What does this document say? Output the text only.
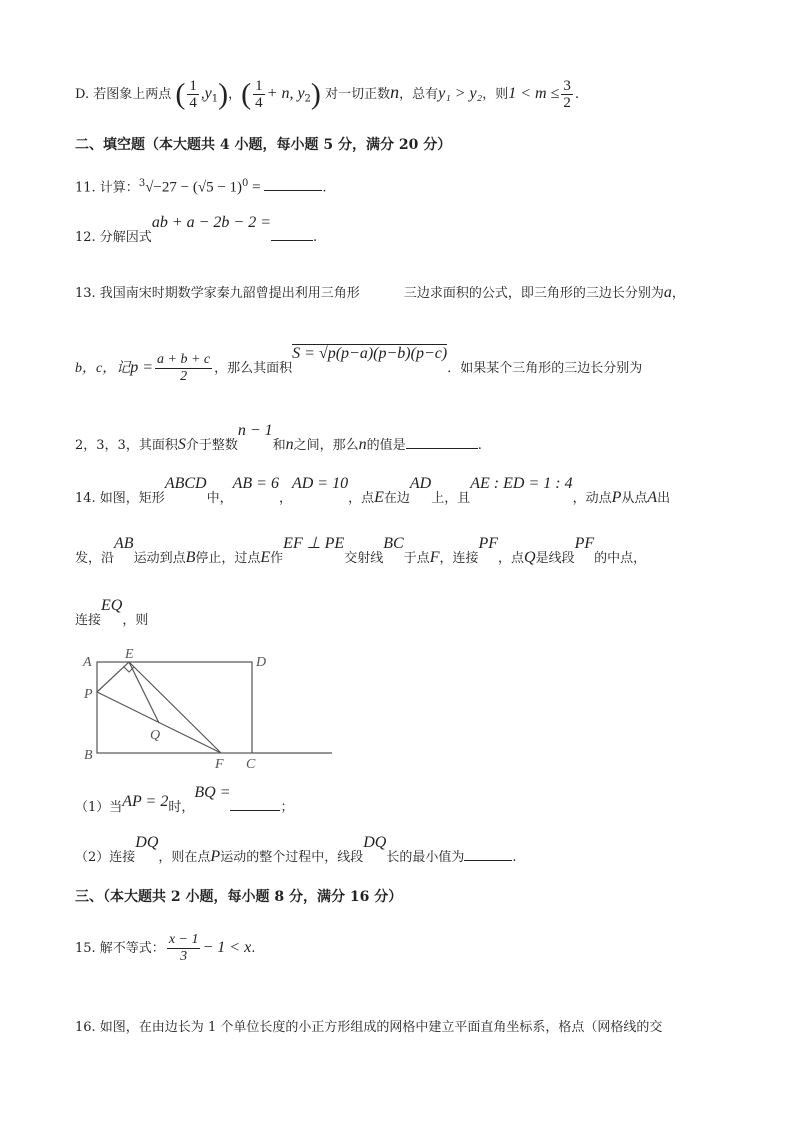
D. 若图象上两点 ( $\frac{1}{4} ,y_1$)，( $\frac{1}{4} + n$, $y_2$) 对一切正数n，总有y₁ > y₂，则$1 < m \le \frac{3}{2}$ .
二、填空题（本大题共 4 小题，每小题 5 分，满分 20 分）
11. 计算：$^3√-27 - (√5 - 1)^0$ =	.
12. 分解因式ab + a − 2b − 2 =.
13. 我国南宋时期数学家秦九韶曾提出利用三角形	三边求面积的公式，即三角形的三边长分别为a，
b，c，记$p = \frac{a + b + c}{2}$ ，那么其面积S = √p(p−a)(p−b)(p−c)．如果某个三角形的三边长分别为
2，3，3，其面积S介于整数n − 1和n之间，那么n的值是	.
14. 如图，矩形ABCD中，AB = 6，AD = 10，点E在边AD上，且AE : ED = 1 : 4，动点P从点A出
发，沿AB运动到点B停止，过点E作EF ⊥ PE交射线BC于点F，连接PF，点Q是线段PF的中点，
连接EQ，则
A	D
E
P
Q
B
F C
（1）当AP = 2时，BQ =；
（2）连接DQ，则在点P运动的整个过程中，线段DQ长的最小值为	.
三、（本大题共 2 小题，每小题 8 分，满分 16 分）
15. 解不等式： $\frac{x - 1}{3} - 1 < x$.
16. 如图，在由边长为 1 个单位长度的小正方形组成的网格中建立平面直角坐标系，格点（网格线的交
